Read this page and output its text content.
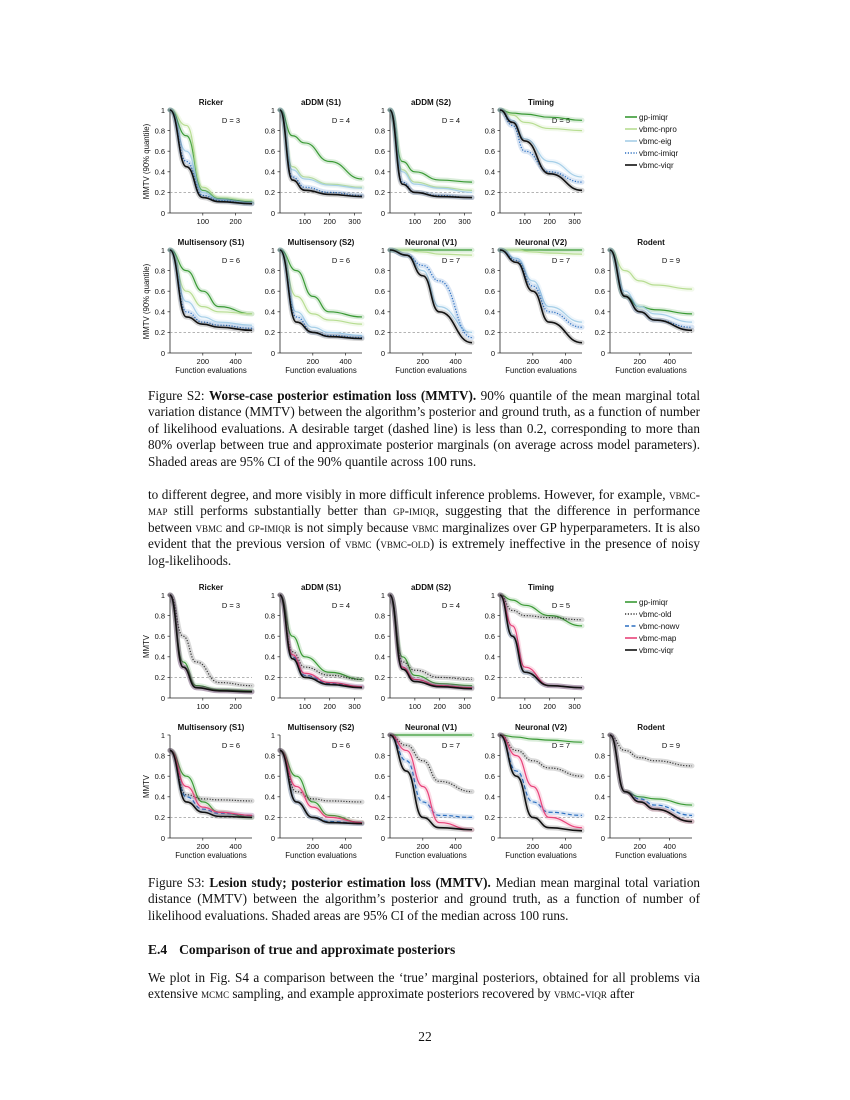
0
0.2
0.4
0.6
0.8
1
100	200
Ricker
D = 3
0
0.2
0.4
0.6
0.8
1
100 200 300
aDDM (S1)
D = 4
0
0.2
0.4
0.6
0.8
1
100 200 300
aDDM (S2)
D = 4
0
0.2
0.4
0.6
0.8
1
100 200 300
Timing
D = 5
0
0.2
0.4
0.6
0.8
1
200	400
Multisensory (S1)
D = 6
Function evaluations
0
0.2
0.4
0.6
0.8
1
200	400
Multisensory (S2)
D = 6
Function evaluations
0
0.2
0.4
0.6
0.8
1
200	400
Neuronal (V1)
D = 7
Function evaluations
0
0.2
0.4
0.6
0.8
1
200	400
Neuronal (V2)
D = 7
Function evaluations
0
0.2
0.4
0.6
0.8
1
200 400
Rodent
D = 9
Function evaluations
MMTV (90% quantile)
MMTV (90% quantile)
gp-imiqr
vbmc-npro
vbmc-eig
vbmc-imiqr
vbmc-viqr

Figure S2: Worse-case posterior estimation loss (MMTV). 90% quantile of the mean marginal total variation distance (MMTV) between the algorithm’s posterior and ground truth, as a function of number of likelihood evaluations. A desirable target (dashed line) is less than 0.2, corresponding to more than 80% overlap between true and approximate posterior marginals (on average across model parameters). Shaded areas are 95% CI of the 90% quantile across 100 runs.

to different degree, and more visibly in more difficult inference problems. However, for example, vbmc-map still performs substantially better than gp-imiqr, suggesting that the difference in performance between vbmc and gp-imiqr is not simply because vbmc marginalizes over GP hyperparameters. It is also evident that the previous version of vbmc (vbmc-old) is extremely ineffective in the presence of noisy log-likelihoods.

0
0.2
0.4
0.6
0.8
1
100	200
Ricker
D = 3
0
0.2
0.4
0.6
0.8
1
100 200 300
aDDM (S1)
D = 4
0
0.2
0.4
0.6
0.8
1
100 200 300
aDDM (S2)
D = 4
0
0.2
0.4
0.6
0.8
1
100 200 300
Timing
D = 5
0
0.2
0.4
0.6
0.8
1
200	400
Multisensory (S1)
D = 6
Function evaluations
0
0.2
0.4
0.6
0.8
1
200	400
Multisensory (S2)
D = 6
Function evaluations
0
0.2
0.4
0.6
0.8
1
200	400
Neuronal (V1)
D = 7
Function evaluations
0
0.2
0.4
0.6
0.8
1
200	400
Neuronal (V2)
D = 7
Function evaluations
0
0.2
0.4
0.6
0.8
1
200 400
Rodent
D = 9
Function evaluations
MMTV
MMTV
gp-imiqr
vbmc-old
vbmc-nowv
vbmc-map
vbmc-viqr

Figure S3: Lesion study; posterior estimation loss (MMTV). Median mean marginal total variation distance (MMTV) between the algorithm’s posterior and ground truth, as a function of number of likelihood evaluations. Shaded areas are 95% CI of the median across 100 runs.

E.4 Comparison of true and approximate posteriors

We plot in Fig. S4 a comparison between the ‘true’ marginal posteriors, obtained for all problems via extensive mcmc sampling, and example approximate posteriors recovered by vbmc-viqr after

22
